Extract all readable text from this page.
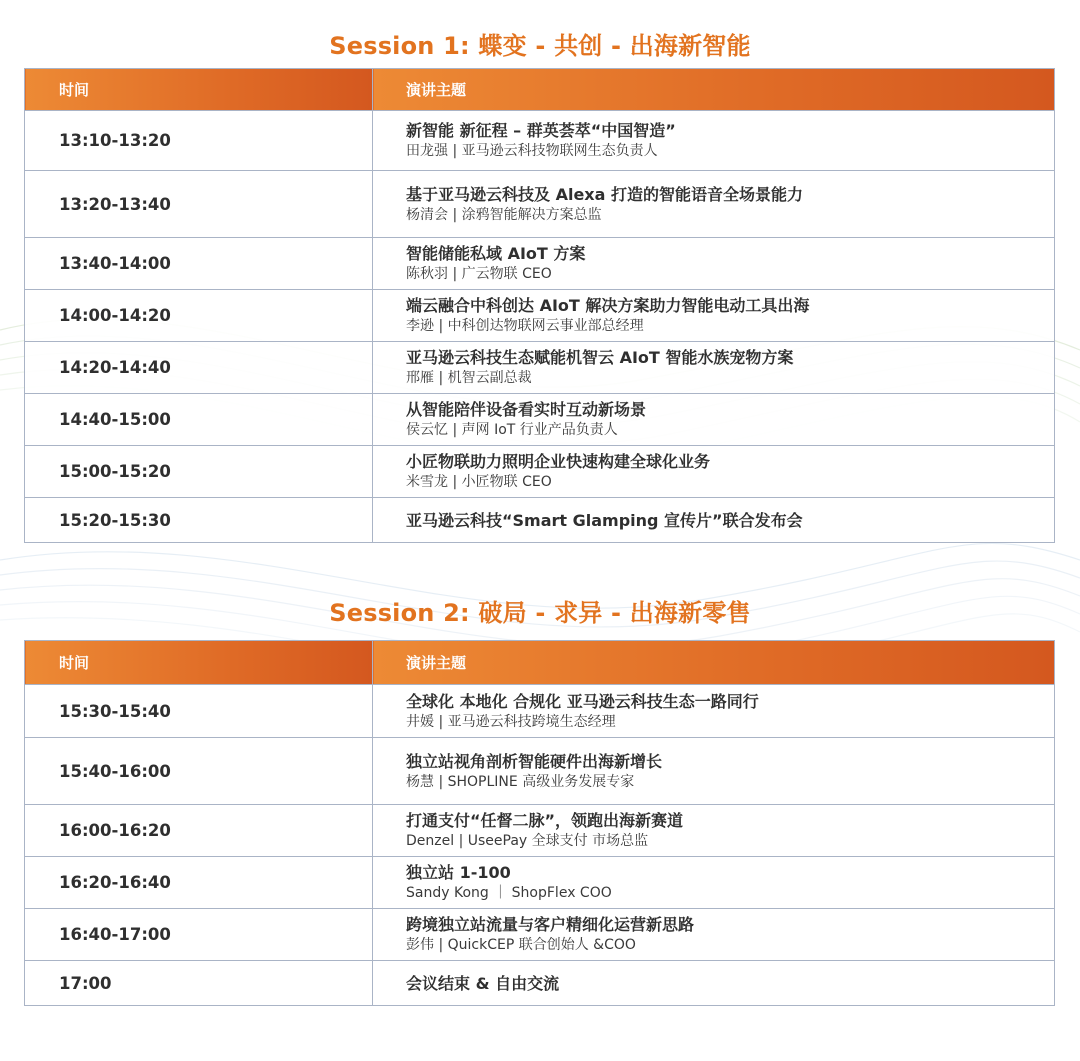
Session 1: 蝶变 - 共创 - 出海新智能
时间	演讲主题
13:10-13:20	新智能 新征程 – 群英荟萃“中国智造”
田龙强 | 亚马逊云科技物联网生态负责人

13:20-13:40	基于亚马逊云科技及 Alexa 打造的智能语音全场景能力
杨清会 | 涂鸦智能解决方案总监

13:40-14:00	智能储能私域 AIoT 方案
陈秋羽 | 广云物联 CEO

14:00-14:20	端云融合中科创达 AIoT 解决方案助力智能电动工具出海
李逊 | 中科创达物联网云事业部总经理

14:20-14:40	亚马逊云科技生态赋能机智云 AIoT 智能水族宠物方案
邢雁 | 机智云副总裁

14:40-15:00	从智能陪伴设备看实时互动新场景
侯云忆 | 声网 IoT 行业产品负责人

15:00-15:20	小匠物联助力照明企业快速构建全球化业务
米雪龙 | 小匠物联 CEO

15:20-15:30	亚马逊云科技“Smart Glamping 宣传片”联合发布会
Session 2: 破局 - 求异 - 出海新零售
时间	演讲主题
15:30-15:40	全球化 本地化 合规化 亚马逊云科技生态一路同行
井媛 | 亚马逊云科技跨境生态经理

15:40-16:00	独立站视角剖析智能硬件出海新增长
杨慧 | SHOPLINE 高级业务发展专家

16:00-16:20	打通支付“任督二脉”，领跑出海新赛道
Denzel | UseePay 全球支付 市场总监

16:20-16:40	独立站 1-100
Sandy Kong ｜ ShopFlex COO

16:40-17:00	跨境独立站流量与客户精细化运营新思路
彭伟 | QuickCEP 联合创始人 &COO

17:00	会议结束 & 自由交流
